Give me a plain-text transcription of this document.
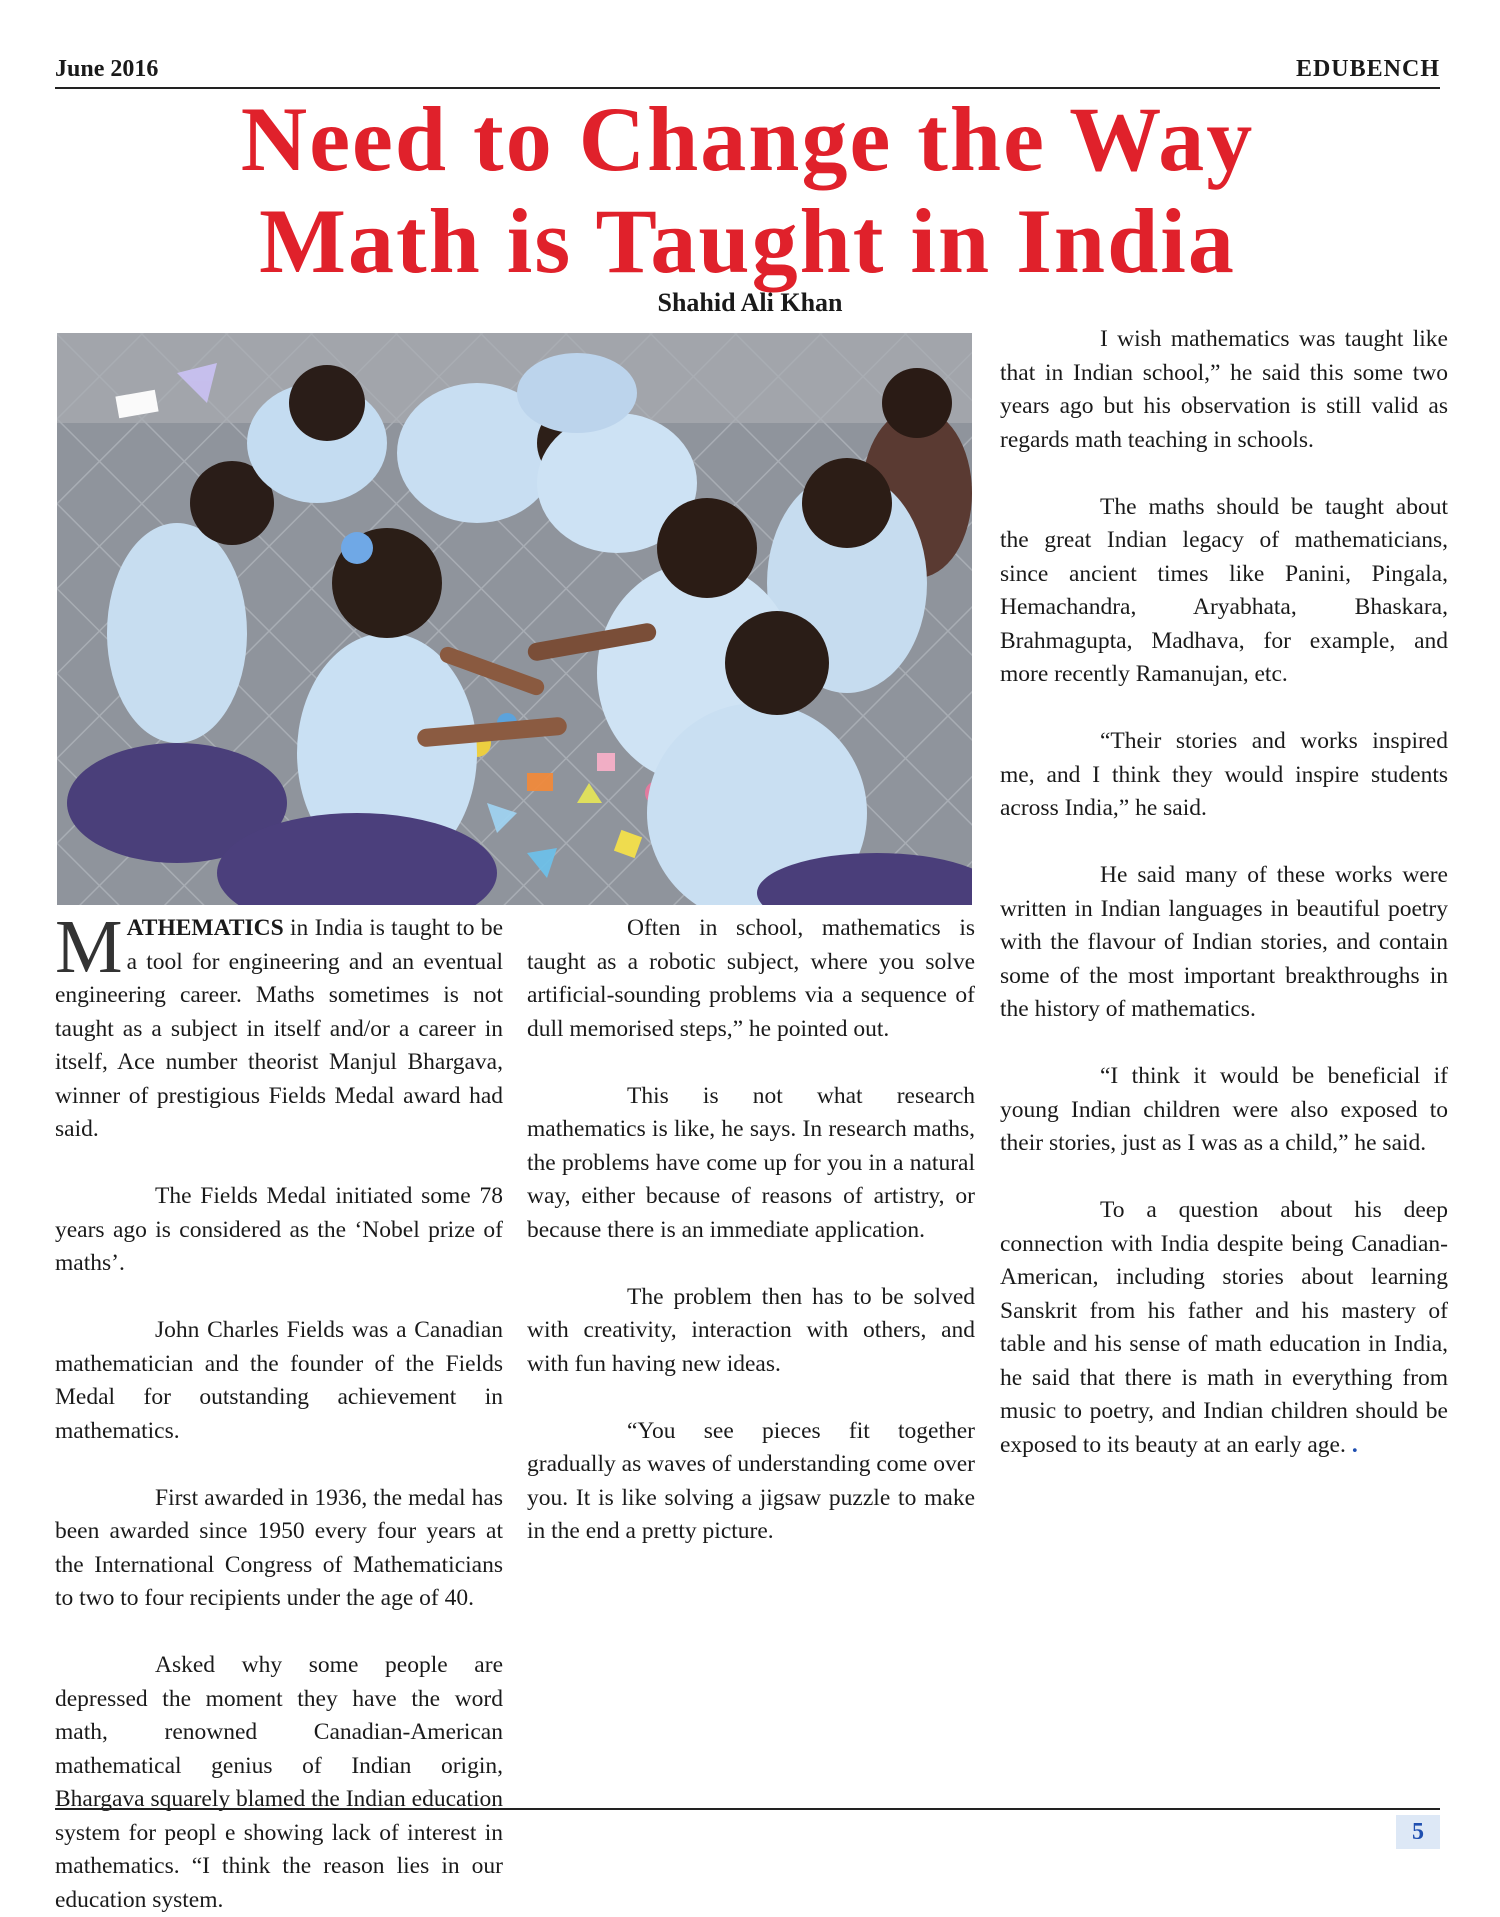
June 2016	EDUBENCH
Need to Change the Way
Math is Taught in India
Shahid Ali Khan

MATHEMATICS in India is taught to be a tool for engineering and an eventual engineering career. Maths sometimes is not taught as a subject in itself and/or a career in itself, Ace number theorist Manjul Bhargava, winner of prestigious Fields Medal award had said.

The Fields Medal initiated some 78 years ago is considered as the ‘Nobel prize of maths’.

John Charles Fields was a Canadian mathematician and the founder of the Fields Medal for outstanding achievement in mathematics.

First awarded in 1936, the medal has been awarded since 1950 every four years at the International Congress of Mathematicians to two to four recipients under the age of 40.

Asked why some people are depressed the moment they have the word math, renowned Canadian-American mathematical genius of Indian origin, Bhargava squarely blamed the Indian education system for peopl e showing lack of interest in mathematics. “I think the reason lies in our education system.

Often in school, mathematics is taught as a robotic subject, where you solve artificial-sounding problems via a sequence of dull memorised steps,” he pointed out.

This is not what research mathematics is like, he says. In research maths, the problems have come up for you in a natural way, either because of reasons of artistry, or because there is an immediate application.

The problem then has to be solved with creativity, interaction with others, and with fun having new ideas.

“You see pieces fit together gradually as waves of understanding come over you. It is like solving a jigsaw puzzle to make in the end a pretty picture.

I wish mathematics was taught like that in Indian school,” he said this some two years ago but his observation is still valid as regards math teaching in schools.

The maths should be taught about the great Indian legacy of mathematicians, since ancient times like Panini, Pingala, Hemachandra, Aryabhata, Bhaskara, Brahmagupta, Madhava, for example, and more recently Ramanujan, etc.

“Their stories and works inspired me, and I think they would inspire students across India,” he said.

He said many of these works were written in Indian languages in beautiful poetry with the flavour of Indian stories, and contain some of the most important breakthroughs in the history of mathematics.

“I think it would be beneficial if young Indian children were also exposed to their stories, just as I was as a child,” he said.

To a question about his deep connection with India despite being Canadian-American, including stories about learning Sanskrit from his father and his mastery of table and his sense of math education in India, he said that there is math in everything from music to poetry, and Indian children should be exposed to its beauty at an early age. .

5
